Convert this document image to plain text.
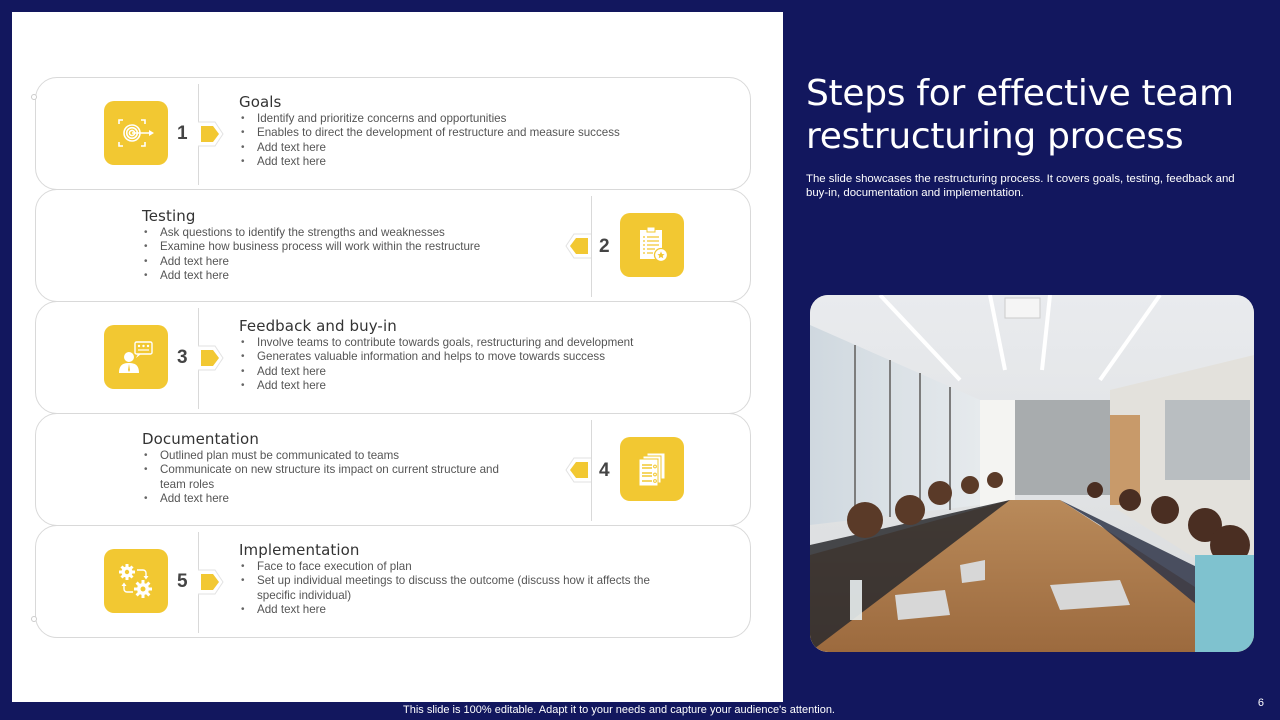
1
Goals
• Identify and prioritize concerns and opportunities
• Enables to direct the development of restructure and measure success
• Add text here
• Add text here
2
Testing
• Ask questions to identify the strengths and weaknesses
• Examine how business process will work within the restructure
• Add text here
• Add text here
3
Feedback and buy-in
• Involve teams to contribute towards goals, restructuring and development
• Generates valuable information and helps to move towards success
• Add text here
• Add text here
4
Documentation
• Outlined plan must be communicated to teams
• Communicate on new structure its impact on current structure and team roles
• Add text here
5
Implementation
• Face to face execution of plan
• Set up individual meetings to discuss the outcome (discuss how it affects the specific individual)
• Add text here
Steps for effective team restructuring process

The slide showcases the restructuring process. It covers goals, testing, feedback and buy-in, documentation and implementation.

This slide is 100% editable. Adapt it to your needs and capture your audience's attention.
6
